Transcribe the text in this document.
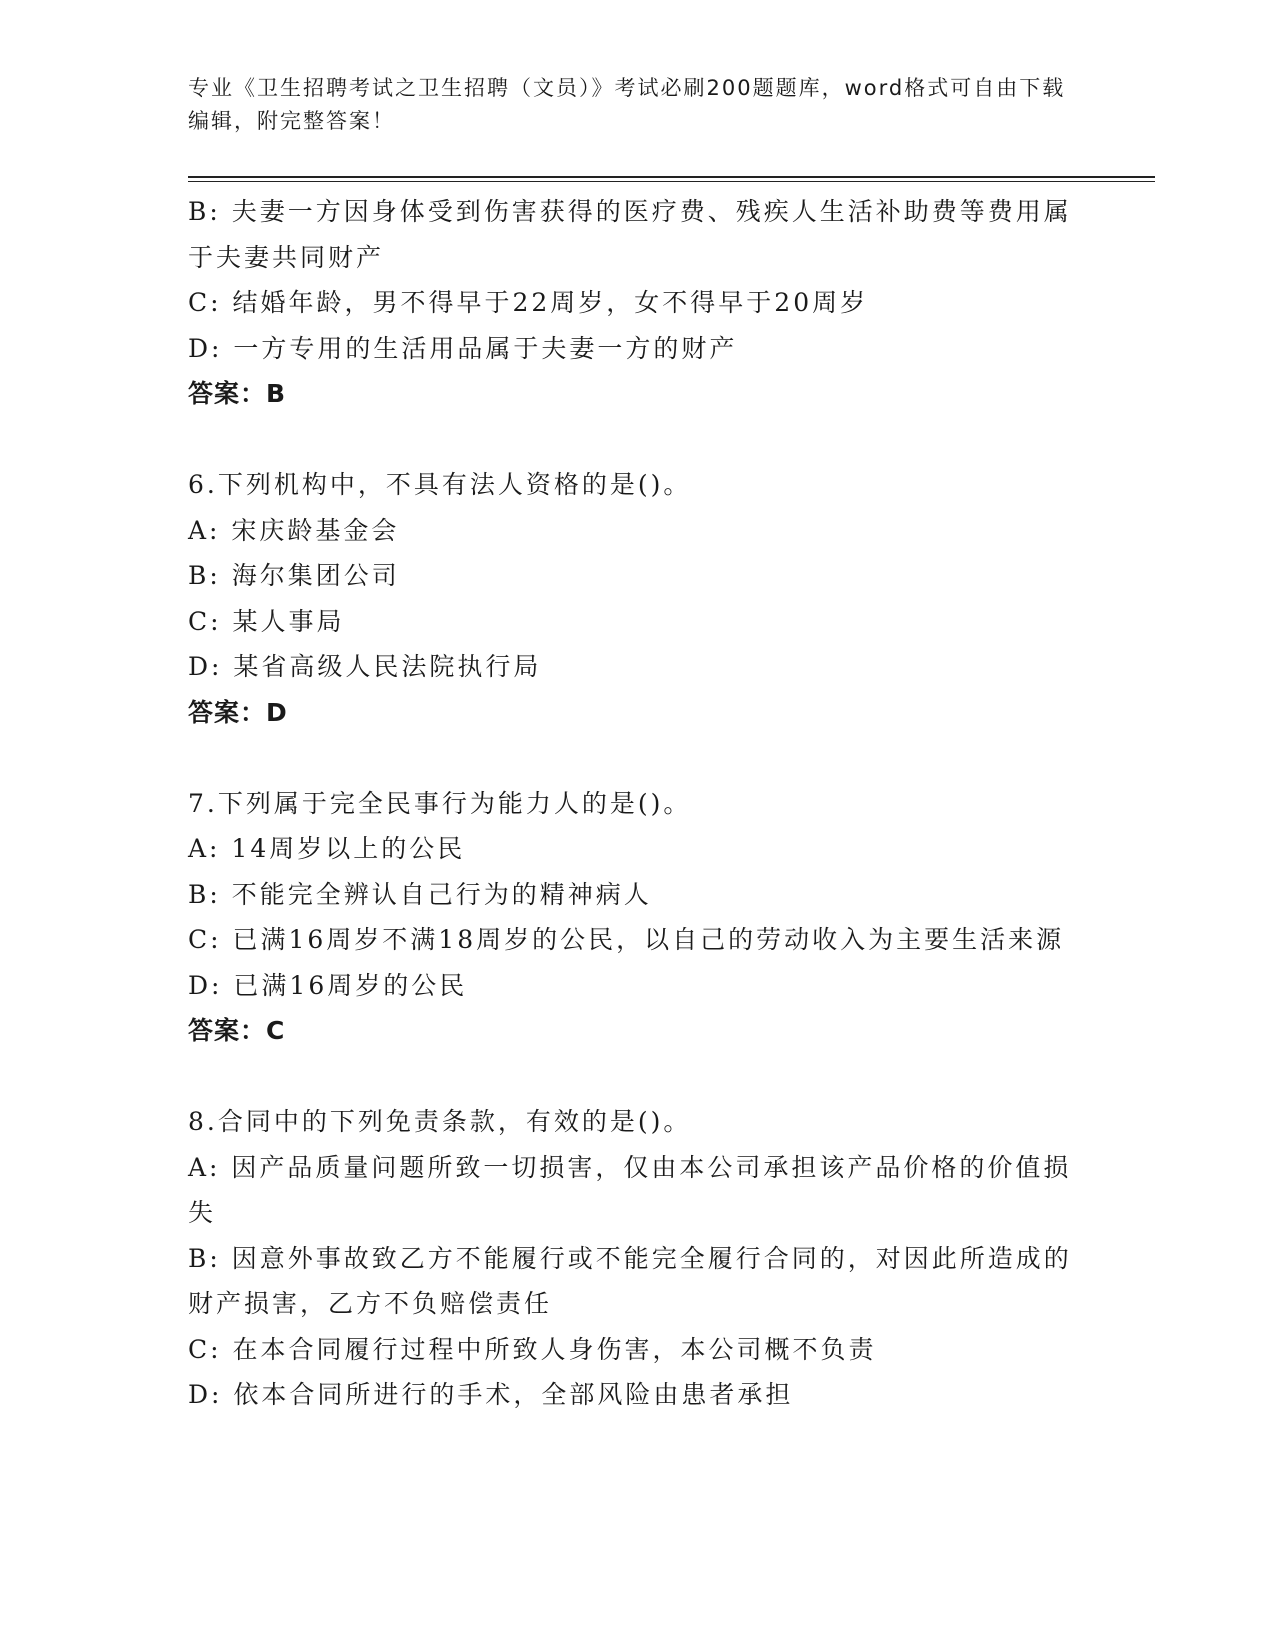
专业《卫生招聘考试之卫生招聘（文员）》考试必刷200题题库，word格式可自由下载编辑，附完整答案！
B: 夫妻一方因身体受到伤害获得的医疗费、残疾人生活补助费等费用属于夫妻共同财产
C: 结婚年龄，男不得早于22周岁，女不得早于20周岁
D: 一方专用的生活用品属于夫妻一方的财产
答案：B
6.下列机构中，不具有法人资格的是()。
A: 宋庆龄基金会
B: 海尔集团公司
C: 某人事局
D: 某省高级人民法院执行局
答案：D
7.下列属于完全民事行为能力人的是()。
A: 14周岁以上的公民
B: 不能完全辨认自己行为的精神病人
C: 已满16周岁不满18周岁的公民，以自己的劳动收入为主要生活来源
D: 已满16周岁的公民
答案：C
8.合同中的下列免责条款，有效的是()。
A: 因产品质量问题所致一切损害，仅由本公司承担该产品价格的价值损失
B: 因意外事故致乙方不能履行或不能完全履行合同的，对因此所造成的财产损害，乙方不负赔偿责任
C: 在本合同履行过程中所致人身伤害，本公司概不负责
D: 依本合同所进行的手术，全部风险由患者承担
